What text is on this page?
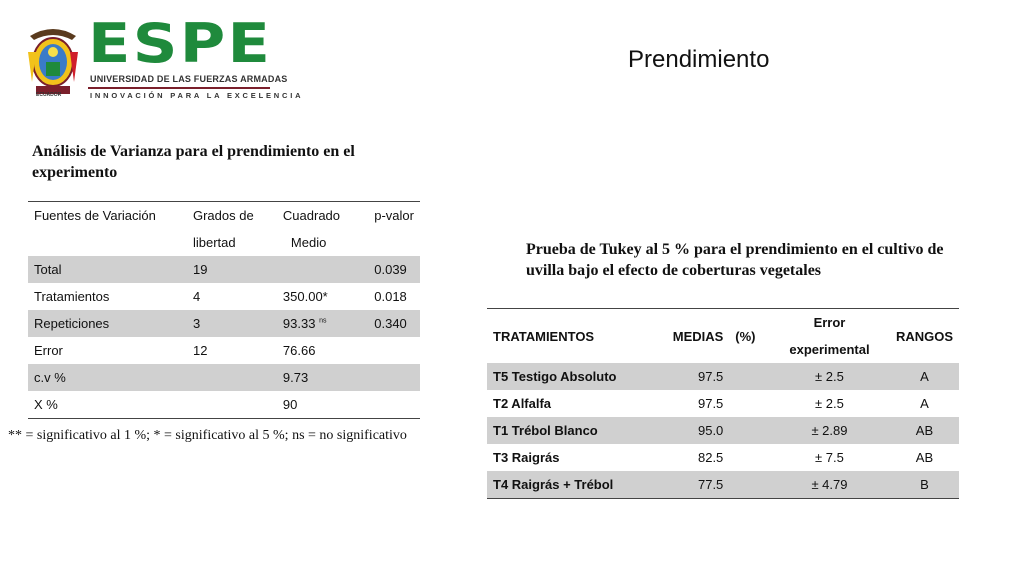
ECUADOR
ESPE
UNIVERSIDAD DE LAS FUERZAS ARMADAS
INNOVACIÓN PARA LA EXCELENCIA
Prendimiento
Análisis de Varianza para el prendimiento en el experimento
Fuentes de Variación	Grados de	Cuadrado	p-valor
	libertad	Medio	
Total	19		0.039
Tratamientos	4	350.00*	0.018
Repeticiones	3	93.33 $^{ns}$	0.340
Error	12	76.66	
c.v %		9.73	
X %		90	
** = significativo al 1 %; * = significativo al 5 %; ns = no significativo
Prueba de Tukey al 5 % para el prendimiento en el cultivo de uvilla bajo el efecto de coberturas vegetales
TRATAMIENTOS	MEDIAS	(%)	Error	RANGOS
			experimental	
T5 Testigo Absoluto	97.5		± 2.5	A
T2 Alfalfa	97.5		± 2.5	A
T1 Trébol Blanco	95.0		± 2.89	AB
T3 Raigrás	82.5		± 7.5	AB
T4 Raigrás + Trébol	77.5		± 4.79	B
